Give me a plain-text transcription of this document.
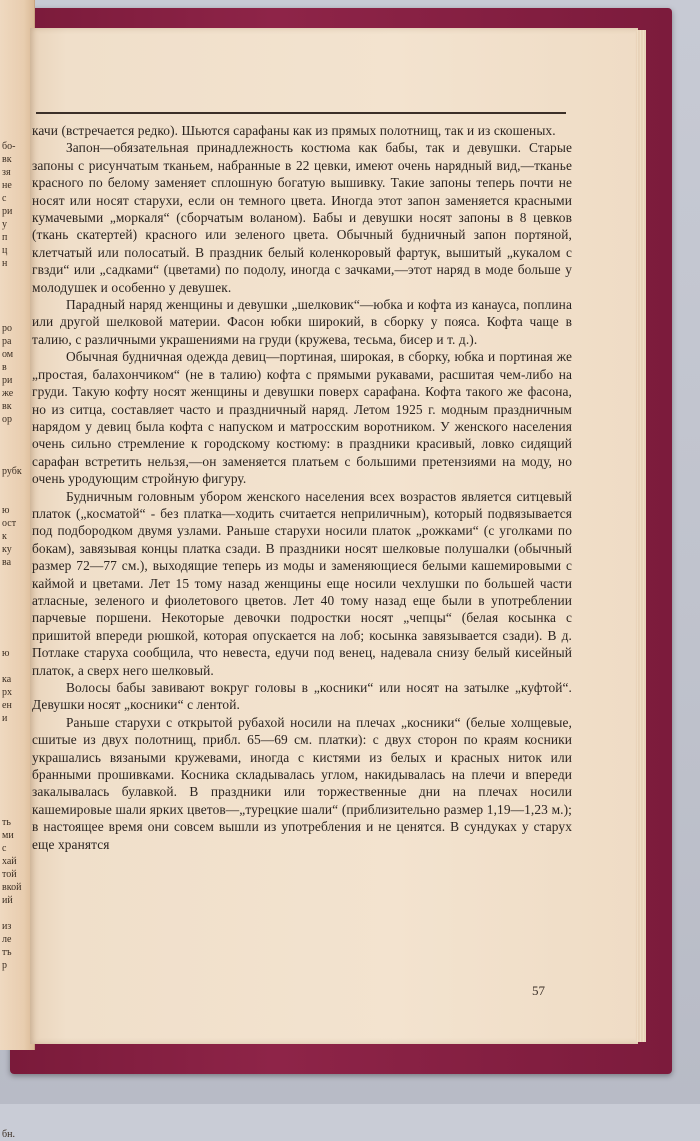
бо-
вк
зя
не
с
ри
у
п
ц
н
ро
ра
ом
в
ри
же
вк
ор
рубк
ю
ост
к
ку
ва
ю
ка
рх
ен
и
ть
ми
с
хай
той
вкой
ий
из
ле
тъ
р
бн.

качи (встречается редко). Шьются сарафаны как из прямых полотнищ, так и из скошеных.

Запон—обязательная принадлежность костюма как бабы, так и девушки. Старые запоны с рисунчатым тканьем, набранные в 22 цевки, имеют очень нарядный вид,—тканье красного по белому заменяет сплошную богатую вышивку. Такие запоны теперь почти не носят или носят старухи, если он темного цвета. Иногда этот запон заменяется красными кумачевыми „моркаля“ (сборчатым воланом). Бабы и девушки носят запоны в 8 цевков (ткань скатертей) красного или зеленого цвета. Обычный будничный запон портяной, клетчатый или полосатый. В праздник белый коленкоровый фартук, вышитый „кукалом с гвзди“ или „садками“ (цветами) по подолу, иногда с зачками,—этот наряд в моде больше у молодушек и особенно у девушек.

Парадный наряд женщины и девушки „шелковик“—юбка и кофта из канауса, поплина или другой шелковой материи. Фасон юбки широкий, в сборку у пояса. Кофта чаще в талию, с различными украшениями на груди (кружева, тесьма, бисер и т. д.).

Обычная будничная одежда девиц—портиная, широкая, в сборку, юбка и портиная же „простая, балахончиком“ (не в талию) кофта с прямыми рукавами, расшитая чем-либо на груди. Такую кофту носят женщины и девушки поверх сарафана. Кофта такого же фасона, но из ситца, составляет часто и праздничный наряд. Летом 1925 г. модным праздничным нарядом у девиц была кофта с напуском и матросским воротником. У женского населения очень сильно стремление к городскому костюму: в праздники красивый, ловко сидящий сарафан встретить нельзя,—он заменяется платьем с большими претензиями на моду, но очень уродующим стройную фигуру.

Будничным головным убором женского населения всех возрастов является ситцевый платок („косматой“ - без платка—ходить считается неприличным), который подвязывается под подбородком двумя узлами. Раньше старухи носили платок „рожками“ (с уголками по бокам), завязывая концы платка сзади. В праздники носят шелковые полушалки (обычный размер 72—77 см.), выходящие теперь из моды и заменяющиеся белыми кашемировыми с каймой и цветами. Лет 15 тому назад женщины еще носили чехлушки по большей части атласные, зеленого и фиолетового цветов. Лет 40 тому назад еще были в употреблении парчевые поршени. Некоторые девочки подростки носят „чепцы“ (белая косынка с пришитой впереди рюшкой, которая опускается на лоб; косынка завязывается сзади). В д. Потлаке старуха сообщила, что невеста, едучи под венец, надевала снизу белый кисейный платок, а сверх него шелковый.

Волосы бабы завивают вокруг головы в „косники“ или носят на затылке „куфтой“. Девушки носят „косники“ с лентой.

Раньше старухи с открытой рубахой носили на плечах „косники“ (белые холщевые, сшитые из двух полотнищ, прибл. 65—69 см. платки): с двух сторон по краям косники украшались вязаными кружевами, иногда с кистями из белых и красных ниток или бранными прошивками. Косника складывалась углом, накидывалась на плечи и впереди закалывалась булавкой. В праздники или торжественные дни на плечах носили кашемировые шали ярких цветов—„турецкие шали“ (приблизительно размер 1,19—1,23 м.); в настоящее время они совсем вышли из употребления и не ценятся. В сундуках у старух еще хранятся

57
